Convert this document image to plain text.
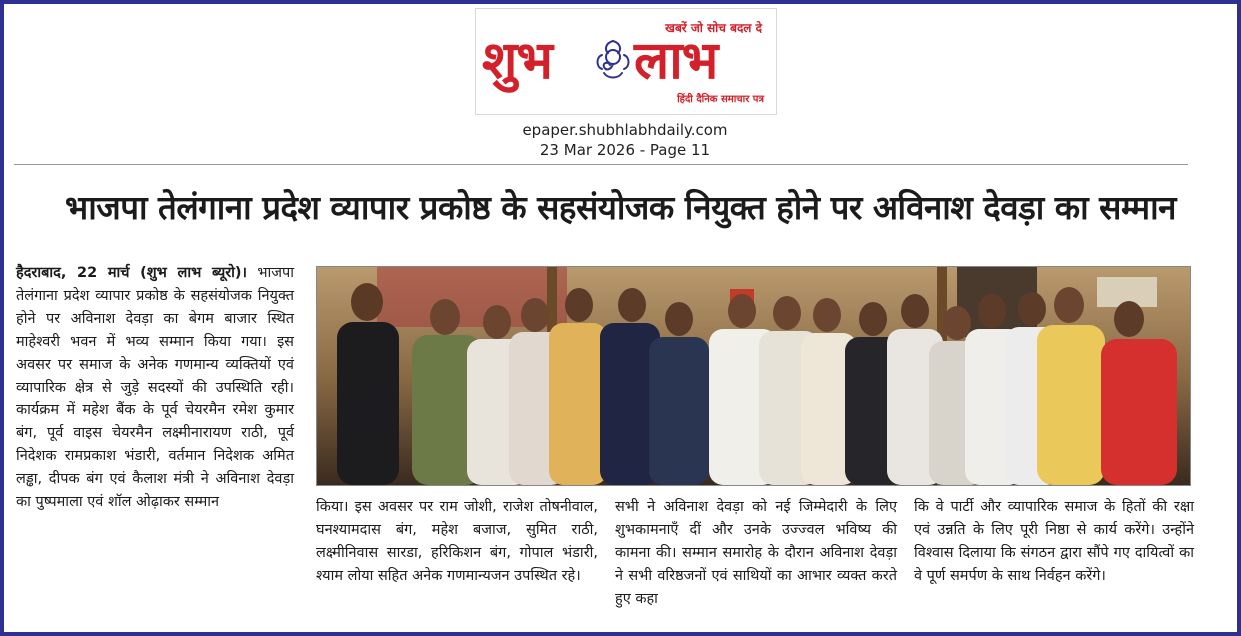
खबरें जो सोच बदल दे
शुभ लाभ
हिंदी दैनिक समाचार पत्र
epaper.shubhlabhdaily.com
23 Mar 2026 - Page 11
भाजपा तेलंगाना प्रदेश व्यापार प्रकोष्ठ के सहसंयोजक नियुक्त होने पर अविनाश देवड़ा का सम्मान
हैदराबाद, 22 मार्च (शुभ लाभ ब्यूरो)। भाजपा तेलंगाना प्रदेश व्यापार प्रकोष्ठ के सहसंयोजक नियुक्त होने पर अविनाश देवड़ा का बेगम बाजार स्थित माहेश्वरी भवन में भव्य सम्मान किया गया। इस अवसर पर समाज के अनेक गणमान्य व्यक्तियों एवं व्यापारिक क्षेत्र से जुड़े सदस्यों की उपस्थिति रही। कार्यक्रम में महेश बैंक के पूर्व चेयरमैन रमेश कुमार बंग, पूर्व वाइस चेयरमैन लक्ष्मीनारायण राठी, पूर्व निदेशक रामप्रकाश भंडारी, वर्तमान निदेशक अमित लड्ढा, दीपक बंग एवं कैलाश मंत्री ने अविनाश देवड़ा का पुष्पमाला एवं शॉल ओढ़ाकर सम्मान	किया। इस अवसर पर राम जोशी, राजेश तोषनीवाल, घनश्यामदास बंग, महेश बजाज, सुमित राठी, लक्ष्मीनिवास सारडा, हरिकिशन बंग, गोपाल भंडारी, श्याम लोया सहित अनेक गणमान्यजन उपस्थित रहे।
सभी ने अविनाश देवड़ा को नई जिम्मेदारी के लिए शुभकामनाएँ दीं और उनके उज्ज्वल भविष्य की कामना की। सम्मान समारोह के दौरान अविनाश देवड़ा ने सभी वरिष्ठजनों एवं साथियों का आभार व्यक्त करते हुए कहा
कि वे पार्टी और व्यापारिक समाज के हितों की रक्षा एवं उन्नति के लिए पूरी निष्ठा से कार्य करेंगे। उन्होंने विश्वास दिलाया कि संगठन द्वारा सौंपे गए दायित्वों का वे पूर्ण समर्पण के साथ निर्वहन करेंगे।
